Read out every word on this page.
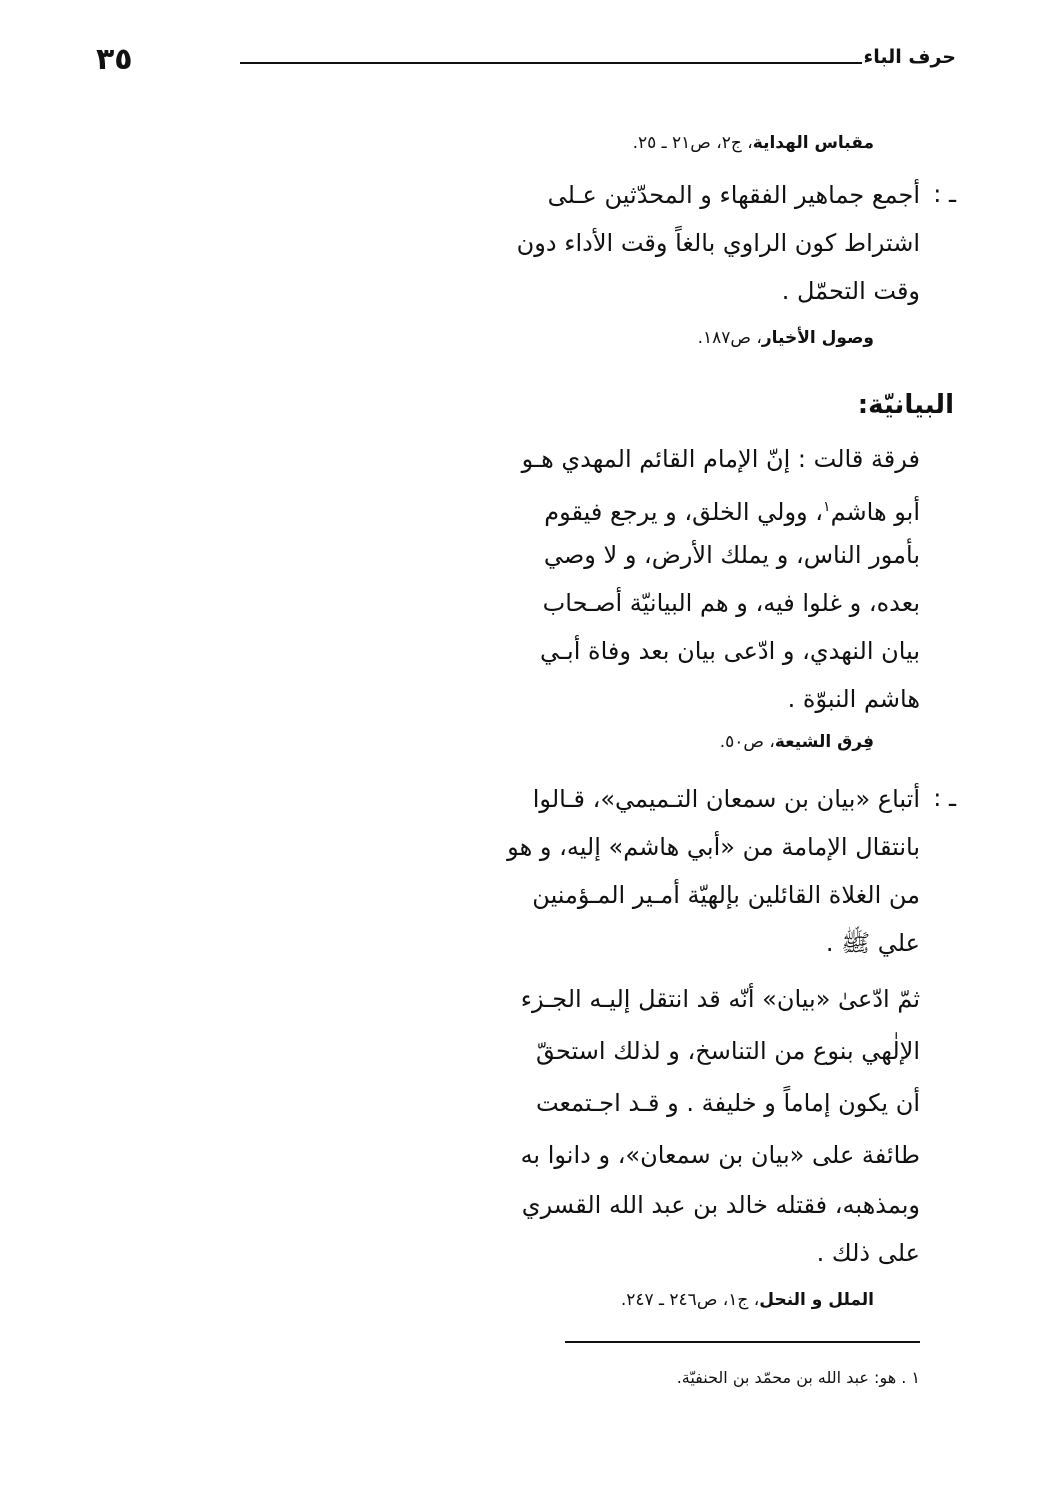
٣٥	حرف الباء
مقباس الهداية، ج٢، ص٢١ ـ ٢٥.
ـ :
أجمع جماهير الفقهاء و المحدّثين عـلى
اشتراط كون الراوي بالغاً وقت الأداء دون
وقت التحمّل .
وصول الأخيار، ص١٨٧.
البيانيّة:
فرقة قالت : إنّ الإمام القائم المهدي هـو
أبو هاشم$^١$، وولي الخلق، و يرجع فيقوم
بأمور الناس، و يملك الأرض، و لا وصي
بعده، و غلوا فيه، و هم البيانيّة أصـحاب
بيان النهدي، و ادّعى بيان بعد وفاة أبـي
هاشم النبوّة .
فِرق الشيعة، ص٥٠.
ـ :
أتباع «بيان بن سمعان التـميمي»، قـالوا
بانتقال الإمامة من «أبي هاشم» إليه، و هو
من الغلاة القائلين بإلهيّة أمـير المـؤمنين
علي ﷺ .
ثمّ ادّعىٰ «بيان» أنّه قد انتقل إليـه الجـزء
الإلٰهي بنوع من التناسخ، و لذلك استحقّ
أن يكون إماماً و خليفة . و قـد اجـتمعت
طائفة على «بيان بن سمعان»، و دانوا به
وبمذهبه، فقتله خالد بن عبد الله القسري
على ذلك .
الملل و النحل، ج١، ص٢٤٦ ـ ٢٤٧.
١ . هو: عبد الله بن محمّد بن الحنفيّة.
